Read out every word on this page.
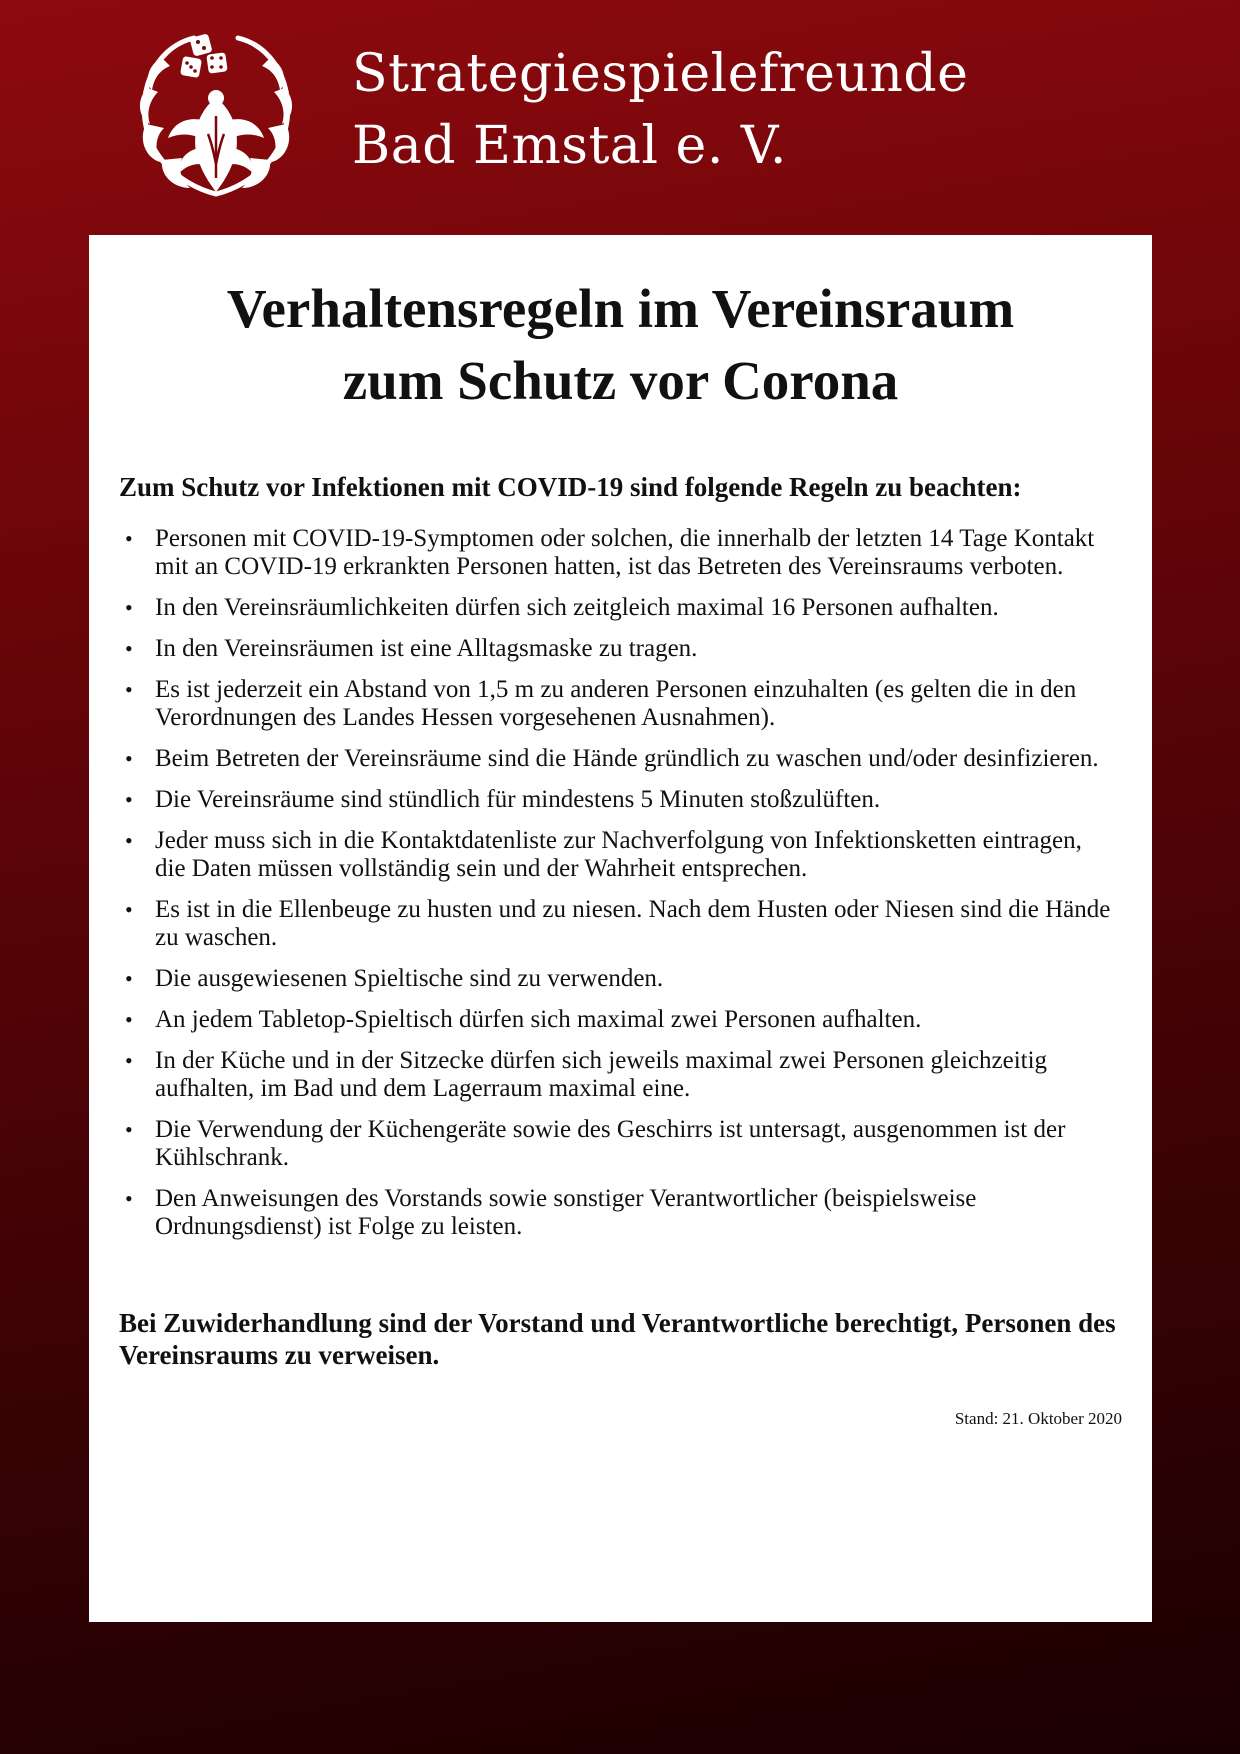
Strategiespielefreunde
Bad Emstal e. V.
Verhaltensregeln im Vereinsraum
zum Schutz vor Corona

Zum Schutz vor Infektionen mit COVID-19 sind folgende Regeln zu beachten:

• Personen mit COVID-19-Symptomen oder solchen, die innerhalb der letzten 14 Tage Kontakt mit an COVID-19 erkrankten Personen hatten, ist das Betreten des Vereinsraums verboten.
• In den Vereinsräumlichkeiten dürfen sich zeitgleich maximal 16 Personen aufhalten.
• In den Vereinsräumen ist eine Alltagsmaske zu tragen.
• Es ist jederzeit ein Abstand von 1,5 m zu anderen Personen einzuhalten (es gelten die in den Verordnungen des Landes Hessen vorgesehenen Ausnahmen).
• Beim Betreten der Vereinsräume sind die Hände gründlich zu waschen und/oder desinfizieren.
• Die Vereinsräume sind stündlich für mindestens 5 Minuten stoßzulüften.
• Jeder muss sich in die Kontaktdatenliste zur Nachverfolgung von Infektionsketten eintragen, die Daten müssen vollständig sein und der Wahrheit entsprechen.
• Es ist in die Ellenbeuge zu husten und zu niesen. Nach dem Husten oder Niesen sind die Hände zu waschen.
• Die ausgewiesenen Spieltische sind zu verwenden.
• An jedem Tabletop-Spieltisch dürfen sich maximal zwei Personen aufhalten.
• In der Küche und in der Sitzecke dürfen sich jeweils maximal zwei Personen gleichzeitig aufhalten, im Bad und dem Lagerraum maximal eine.
• Die Verwendung der Küchengeräte sowie des Geschirrs ist untersagt, ausgenommen ist der Kühlschrank.
• Den Anweisungen des Vorstands sowie sonstiger Verantwortlicher (beispielsweise Ordnungsdienst) ist Folge zu leisten.

Bei Zuwiderhandlung sind der Vorstand und Verantwortliche berechtigt, Personen des Vereinsraums zu verweisen.

Stand: 21. Oktober 2020
